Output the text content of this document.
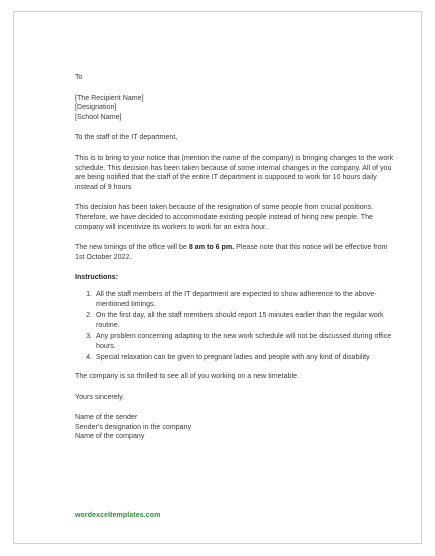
To

[The Recipient Name]

[Designation]

[School Name]

To the staff of the IT department,

This is to bring to your notice that (mention the name of the company) is bringing changes to the work schedule. This decision has been taken because of some internal changes in the company. All of you are being notified that the staff of the entire IT department is supposed to work for 10 hours daily instead of 9 hours

This decision has been taken because of the resignation of some people from crucial positions. Therefore, we have decided to accommodate existing people instead of hiring new people. The company will incentivize its workers to work for an extra hour.

The new timings of the office will be 8 am to 6 pm. Please note that this notice will be effective from 1st October 2022.

Instructions:

1. All the staff members of the IT department are expected to show adherence to the above-mentioned timings.
2. On the first day, all the staff members should report 15 minutes earlier than the regular work routine.
3. Any problem concerning adapting to the new work schedule will not be discussed during office hours.
4. Special relaxation can be given to pregnant ladies and people with any kind of disability

The company is so thrilled to see all of you working on a new timetable.

Yours sincerely.

Name of the sender

Sender's designation in the company

Name of the company

wordexceltemplates.com
